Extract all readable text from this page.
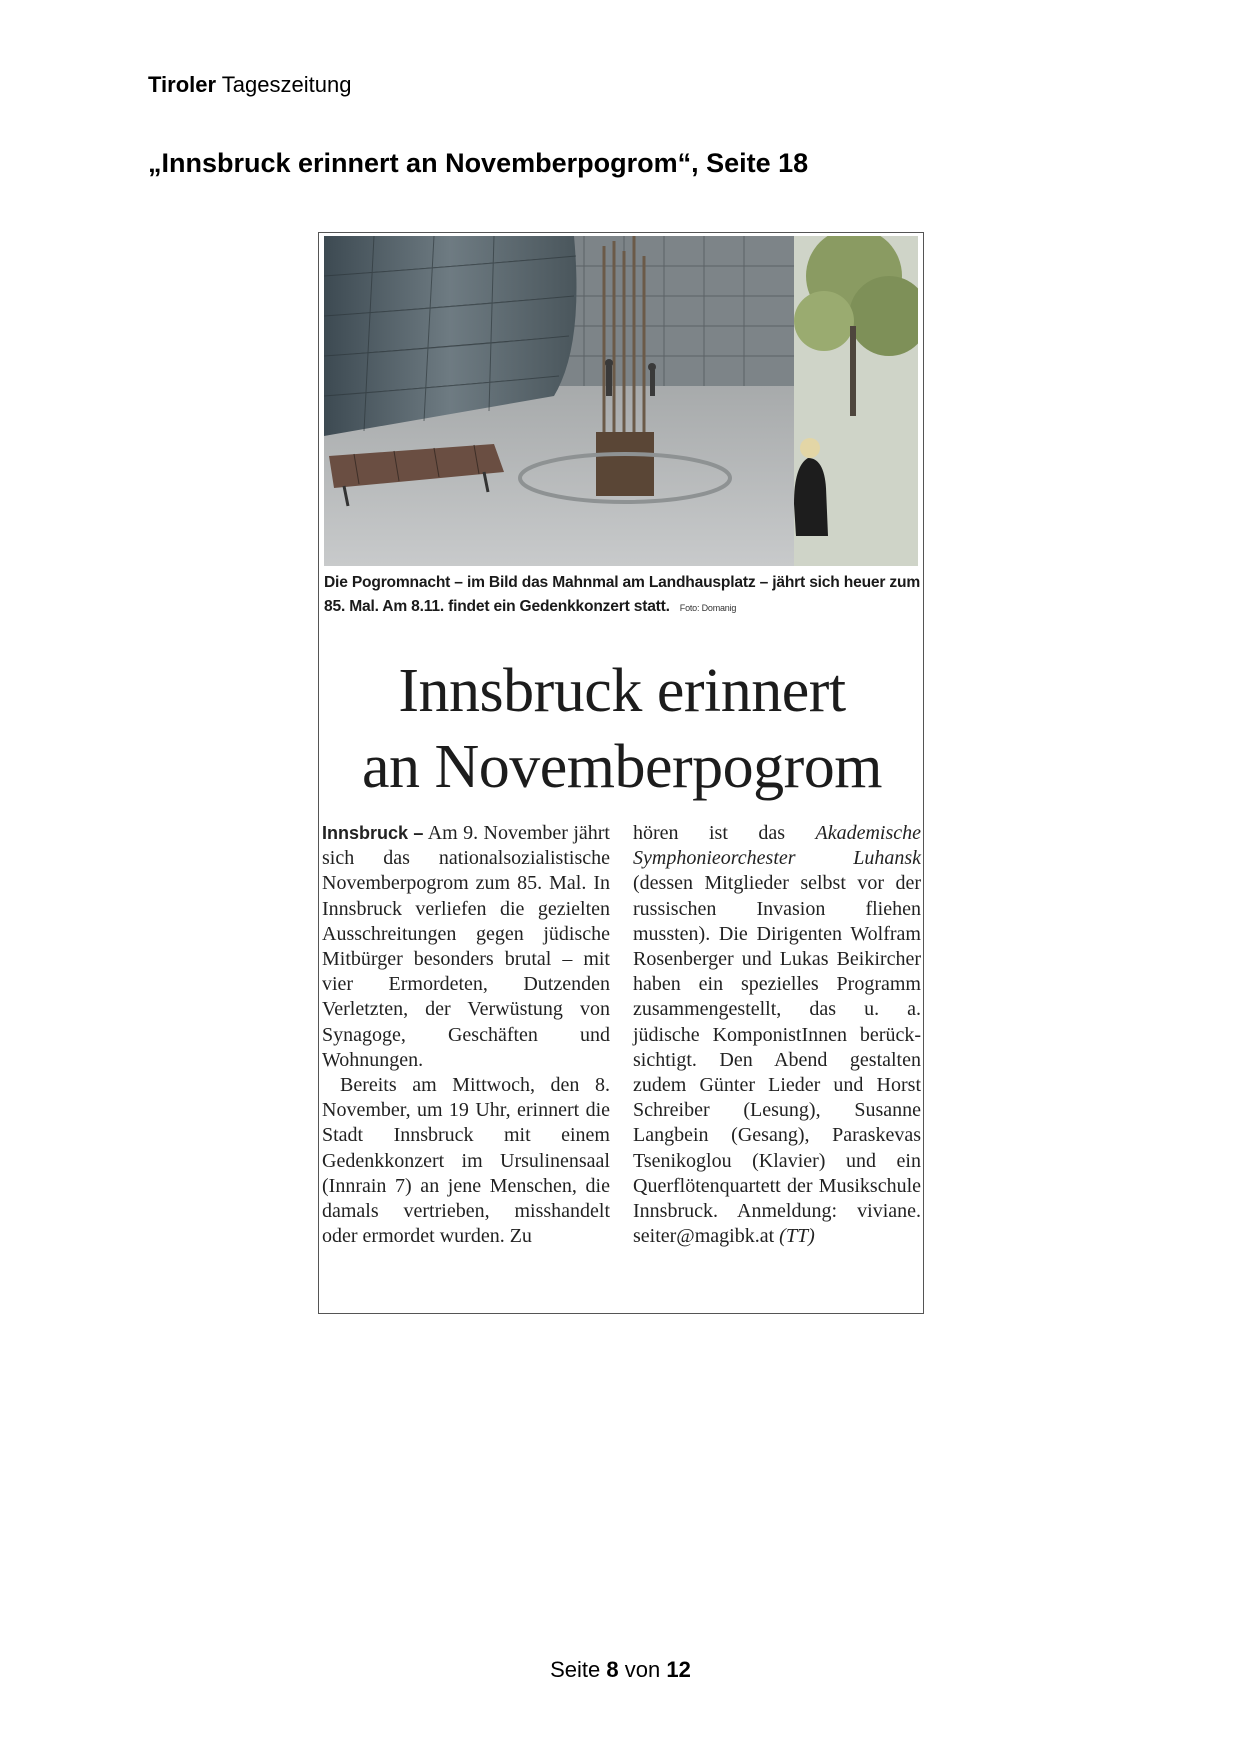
Tiroler Tageszeitung
„Innsbruck erinnert an Novemberpogrom“, Seite 18
Die Pogromnacht – im Bild das Mahnmal am Landhausplatz – jährt sich heuer zum 85. Mal. Am 8.11. findet ein Gedenkkonzert statt. Foto: Domanig
Innsbruck erinnert
an Novemberpogrom

Innsbruck – Am 9. November jährt sich das nationalsozialistische Novemberpogrom zum 85. Mal. In Innsbruck verliefen die gezielten Ausschreitungen gegen jüdische Mitbürger besonders brutal – mit vier Ermordeten, Dutzenden Verletzten, der Verwüstung von Synagoge, Geschäften und Wohnungen.

Bereits am Mittwoch, den 8. November, um 19 Uhr, erinnert die Stadt Innsbruck mit einem Gedenkkonzert im Ursulinensaal (Innrain 7) an jene Menschen, die damals vertrieben, misshandelt oder ermordet wurden. Zu

hören ist das Akademische Symphonieorchester Luhansk (dessen Mitglieder selbst vor der russischen Invasion fliehen mussten). Die Dirigenten Wolfram Rosenberger und Lukas Beikircher haben ein spezielles Programm zusammengestellt, das u. a. jüdische KomponistInnen berücksichtigt. Den Abend gestalten zudem Günter Lieder und Horst Schreiber (Lesung), Susanne Langbein (Gesang), Paraskevas Tsenikoglou (Klavier) und ein Querflötenquartett der Musikschule Innsbruck. Anmeldung: viviane. seiter@magibk.at (TT)

Seite 8 von 12
